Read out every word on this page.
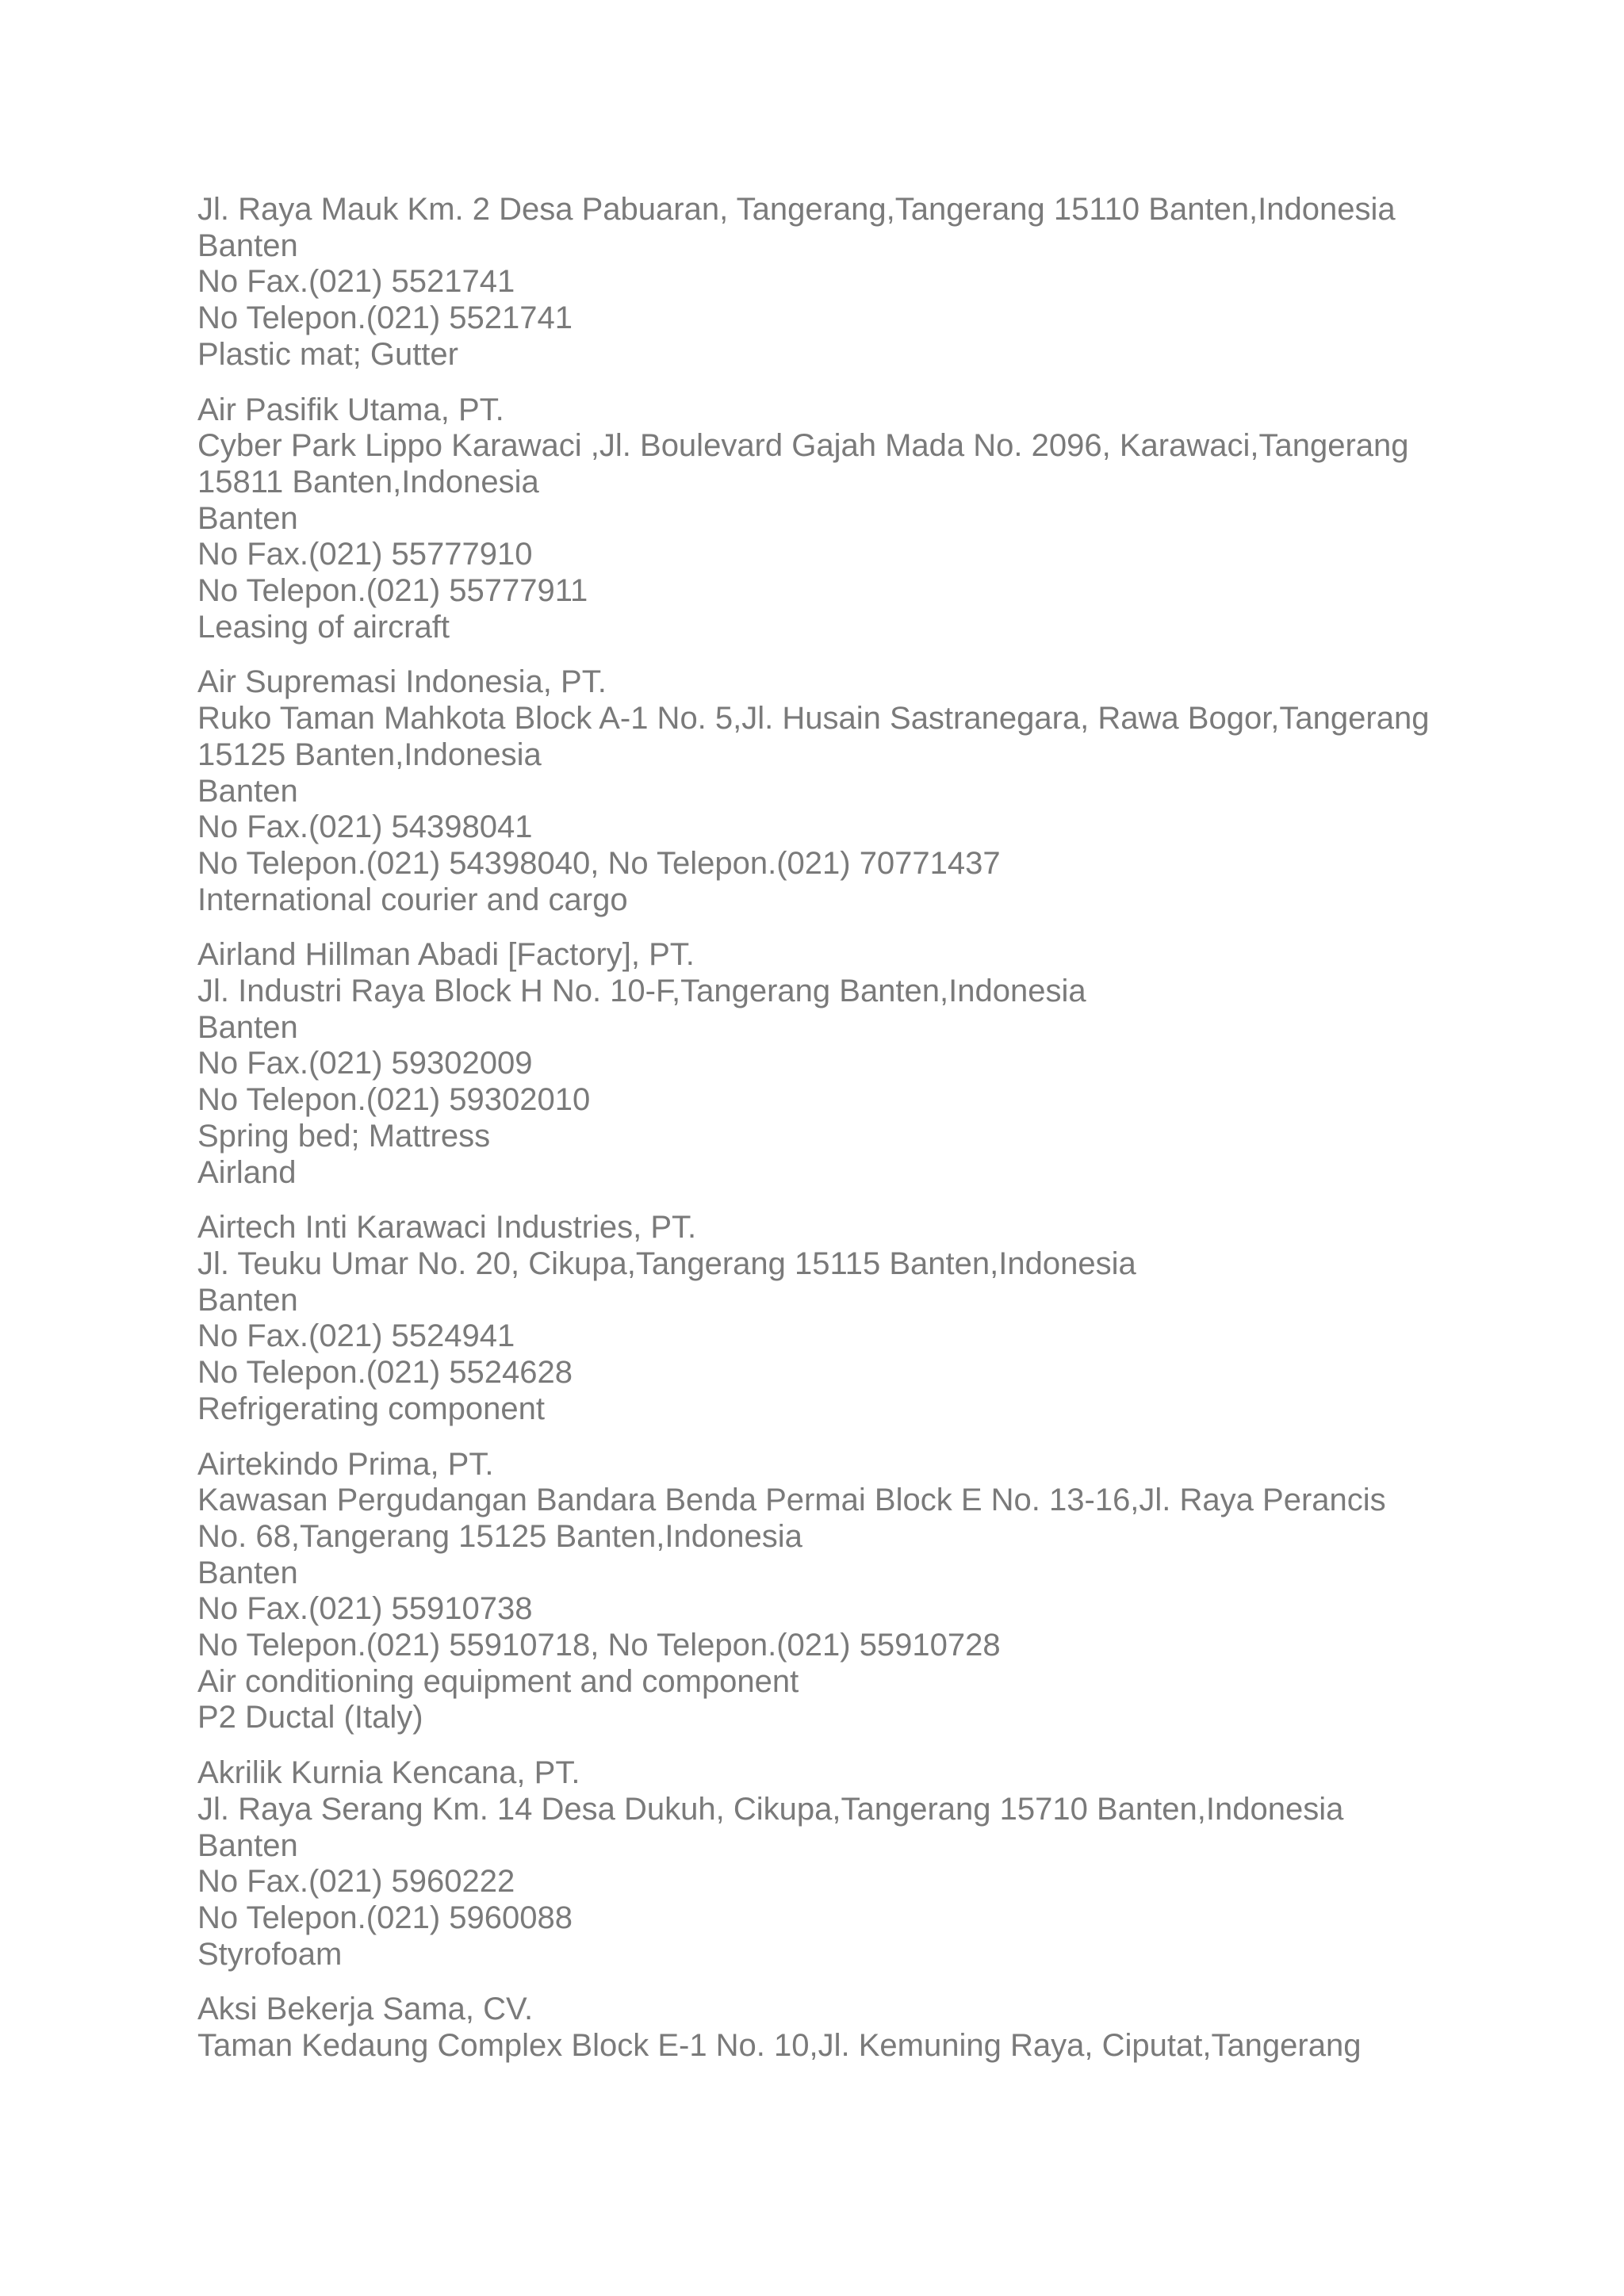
Jl. Raya Mauk Km. 2 Desa Pabuaran, Tangerang,Tangerang 15110 Banten,Indonesia
Banten
No Fax.(021) 5521741
No Telepon.(021) 5521741
Plastic mat; Gutter
Air Pasifik Utama, PT.
Cyber Park Lippo Karawaci ,Jl. Boulevard Gajah Mada No. 2096, Karawaci,Tangerang
15811 Banten,Indonesia
Banten
No Fax.(021) 55777910
No Telepon.(021) 55777911
Leasing of aircraft
Air Supremasi Indonesia, PT.
Ruko Taman Mahkota Block A-1 No. 5,Jl. Husain Sastranegara, Rawa Bogor,Tangerang
15125 Banten,Indonesia
Banten
No Fax.(021) 54398041
No Telepon.(021) 54398040, No Telepon.(021) 70771437
International courier and cargo
Airland Hillman Abadi [Factory], PT.
Jl. Industri Raya Block H No. 10-F,Tangerang Banten,Indonesia
Banten
No Fax.(021) 59302009
No Telepon.(021) 59302010
Spring bed; Mattress
Airland
Airtech Inti Karawaci Industries, PT.
Jl. Teuku Umar No. 20, Cikupa,Tangerang 15115 Banten,Indonesia
Banten
No Fax.(021) 5524941
No Telepon.(021) 5524628
Refrigerating component
Airtekindo Prima, PT.
Kawasan Pergudangan Bandara Benda Permai Block E No. 13-16,Jl. Raya Perancis
No. 68,Tangerang 15125 Banten,Indonesia
Banten
No Fax.(021) 55910738
No Telepon.(021) 55910718, No Telepon.(021) 55910728
Air conditioning equipment and component
P2 Ductal (Italy)
Akrilik Kurnia Kencana, PT.
Jl. Raya Serang Km. 14 Desa Dukuh, Cikupa,Tangerang 15710 Banten,Indonesia
Banten
No Fax.(021) 5960222
No Telepon.(021) 5960088
Styrofoam
Aksi Bekerja Sama, CV.
Taman Kedaung Complex Block E-1 No. 10,Jl. Kemuning Raya, Ciputat,Tangerang
